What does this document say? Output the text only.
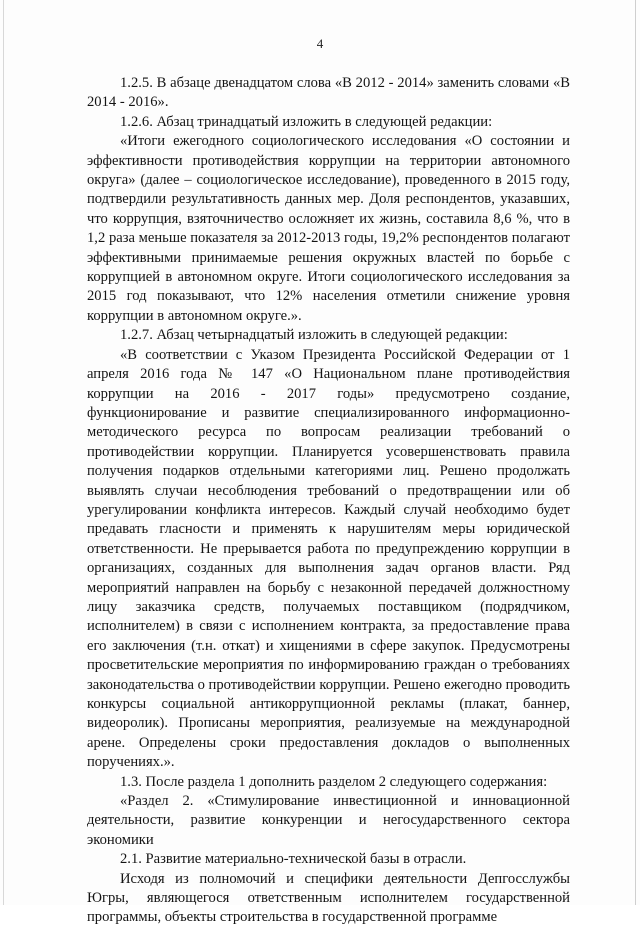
4

1.2.5. В абзаце двенадцатом слова «В 2012 - 2014» заменить словами «В 2014 - 2016».

1.2.6. Абзац тринадцатый изложить в следующей редакции:

«Итоги ежегодного социологического исследования «О состоянии и эффективности противодействия коррупции на территории автономного округа» (далее – социологическое исследование), проведенного в 2015 году, подтвердили результативность данных мер. Доля респондентов, указавших, что коррупция, взяточничество осложняет их жизнь, составила 8,6 %, что в 1,2 раза меньше показателя за 2012-2013 годы, 19,2% респондентов полагают эффективными принимаемые решения окружных властей по борьбе с коррупцией в автономном округе. Итоги социологического исследования за 2015 год показывают, что 12% населения отметили снижение уровня коррупции в автономном округе.».

1.2.7. Абзац четырнадцатый изложить в следующей редакции:

«В соответствии с Указом Президента Российской Федерации от 1 апреля 2016 года № 147 «О Национальном плане противодействия коррупции на 2016 - 2017 годы» предусмотрено создание, функционирование и развитие специализированного информационно-методического ресурса по вопросам реализации требований о противодействии коррупции. Планируется усовершенствовать правила получения подарков отдельными категориями лиц. Решено продолжать выявлять случаи несоблюдения требований о предотвращении или об урегулировании конфликта интересов. Каждый случай необходимо будет предавать гласности и применять к нарушителям меры юридической ответственности. Не прерывается работа по предупреждению коррупции в организациях, созданных для выполнения задач органов власти. Ряд мероприятий направлен на борьбу с незаконной передачей должностному лицу заказчика средств, получаемых поставщиком (подрядчиком, исполнителем) в связи с исполнением контракта, за предоставление права его заключения (т.н. откат) и хищениями в сфере закупок. Предусмотрены просветительские мероприятия по информированию граждан о требованиях законодательства о противодействии коррупции. Решено ежегодно проводить конкурсы социальной антикоррупционной рекламы (плакат, баннер, видеоролик). Прописаны мероприятия, реализуемые на международной арене. Определены сроки предоставления докладов о выполненных поручениях.».

1.3. После раздела 1 дополнить разделом 2 следующего содержания:

«Раздел 2. «Стимулирование инвестиционной и инновационной деятельности, развитие конкуренции и негосударственного сектора экономики

2.1. Развитие материально-технической базы в отрасли.

Исходя из полномочий и специфики деятельности Депгосслужбы Югры, являющегося ответственным исполнителем государственной программы, объекты строительства в государственной программе
